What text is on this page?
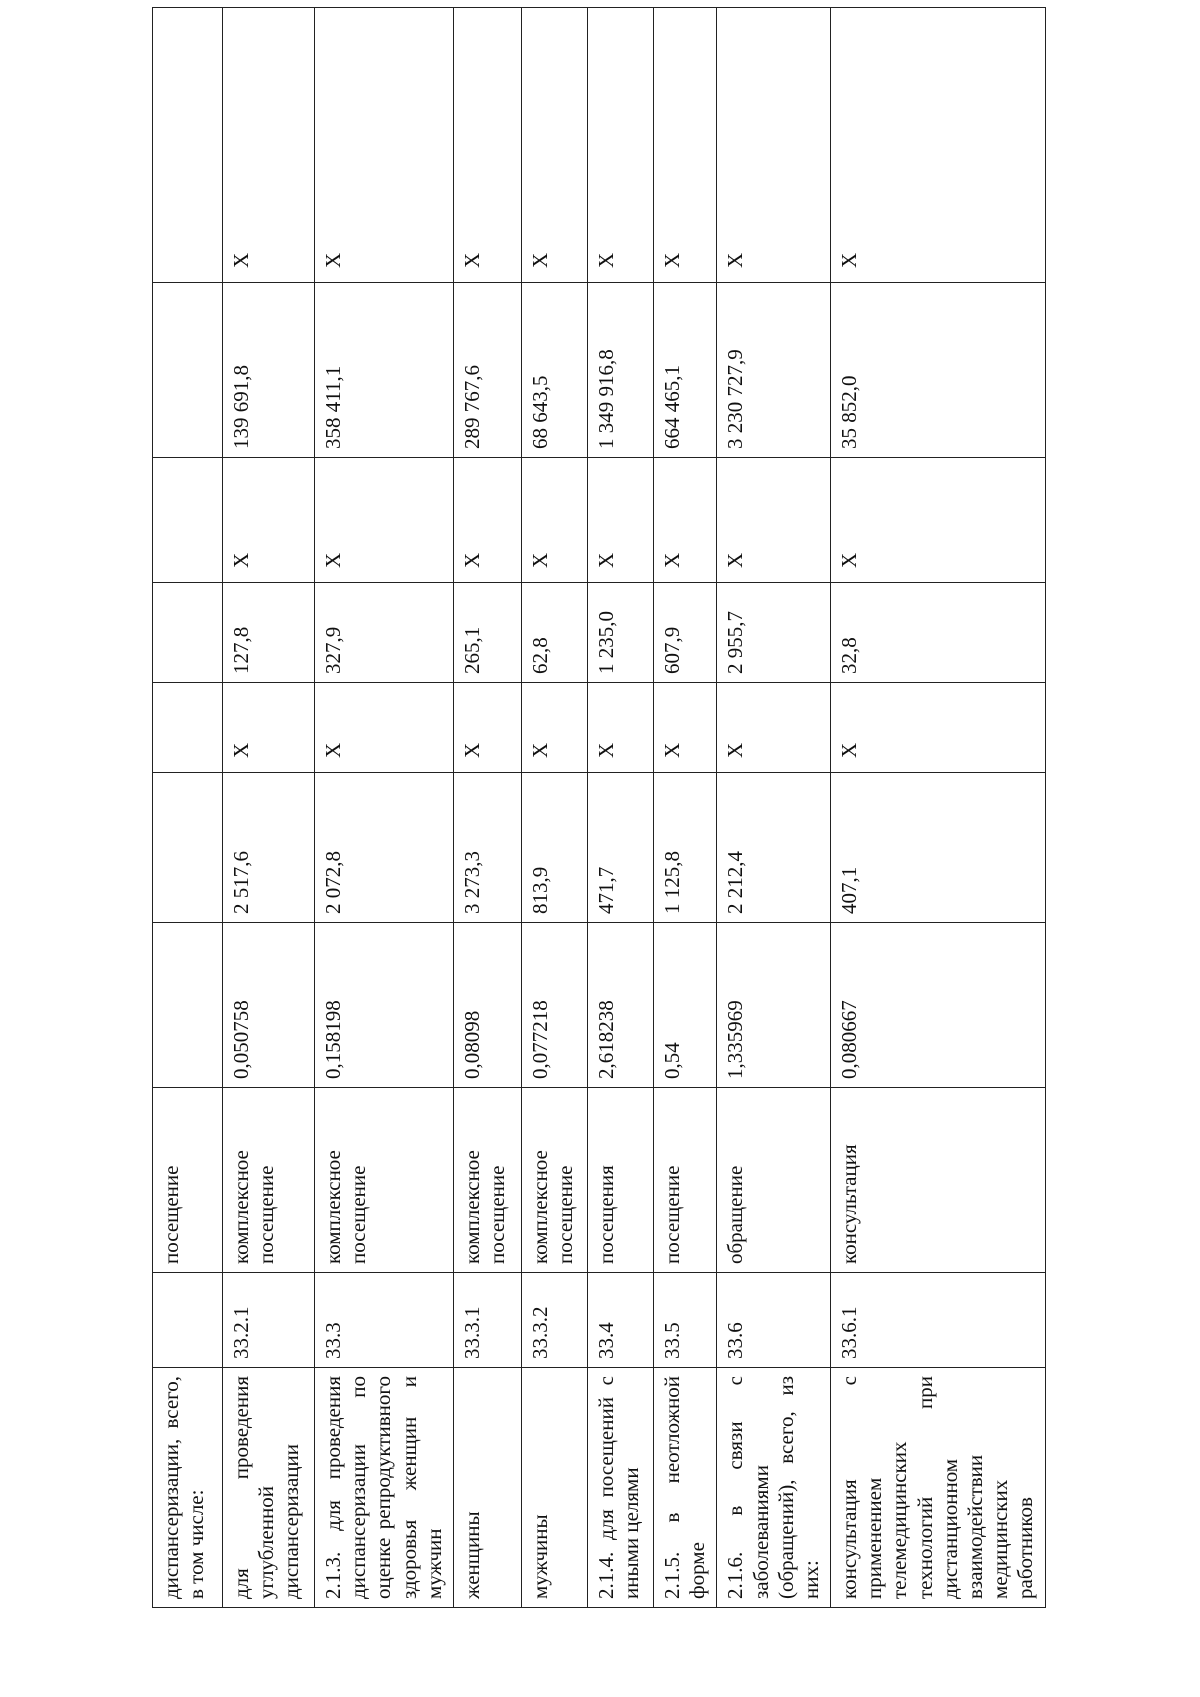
диспансеризации, всего, в том числе:		посещение							
для проведения углубленной диспансеризации	33.2.1	комплексное посещение	0,050758	2 517,6	X	127,8	X	139 691,8	X
2.1.3. для проведения диспансеризации по оценке репродуктивного здоровья женщин и мужчин	33.3	комплексное посещение	0,158198	2 072,8	X	327,9	X	358 411,1	X
женщины	33.3.1	комплексное посещение	0,08098	3 273,3	X	265,1	X	289 767,6	X
мужчины	33.3.2	комплексное посещение	0,077218	813,9	X	62,8	X	68 643,5	X
2.1.4. для посещений с иными целями	33.4	посещения	2,618238	471,7	X	1 235,0	X	1 349 916,8	X
2.1.5. в неотложной форме	33.5	посещение	0,54	1 125,8	X	607,9	X	664 465,1	X
2.1.6. в связи с заболеваниями (обращений), всего, из них:	33.6	обращение	1,335969	2 212,4	X	2 955,7	X	3 230 727,9	X
консультация с применением телемедицинских технологий при дистанционном взаимодействии медицинских работников	33.6.1	консультация	0,080667	407,1	X	32,8	X	35 852,0	X
